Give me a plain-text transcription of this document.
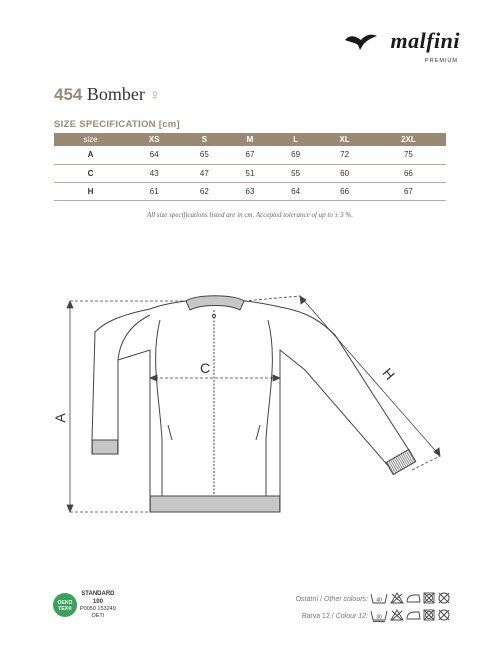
malfini
PREMIUM
454 Bomber ♀
SIZE SPECIFICATION [cm]
size	XS	S	M	L	XL	2XL
A	64	65	67	69	72	75
C	43	47	51	55	60	66
H	61	62	63	64	66	67
All size specifications listed are in cm. Accepted tolerance of up to ± 3 %.
A
C	H
OEKO
TEX®
STANDARD
100
P0050 153249
OETI
Ostatní / Other colours: 40
Barva 12 / Colour 12: 30
